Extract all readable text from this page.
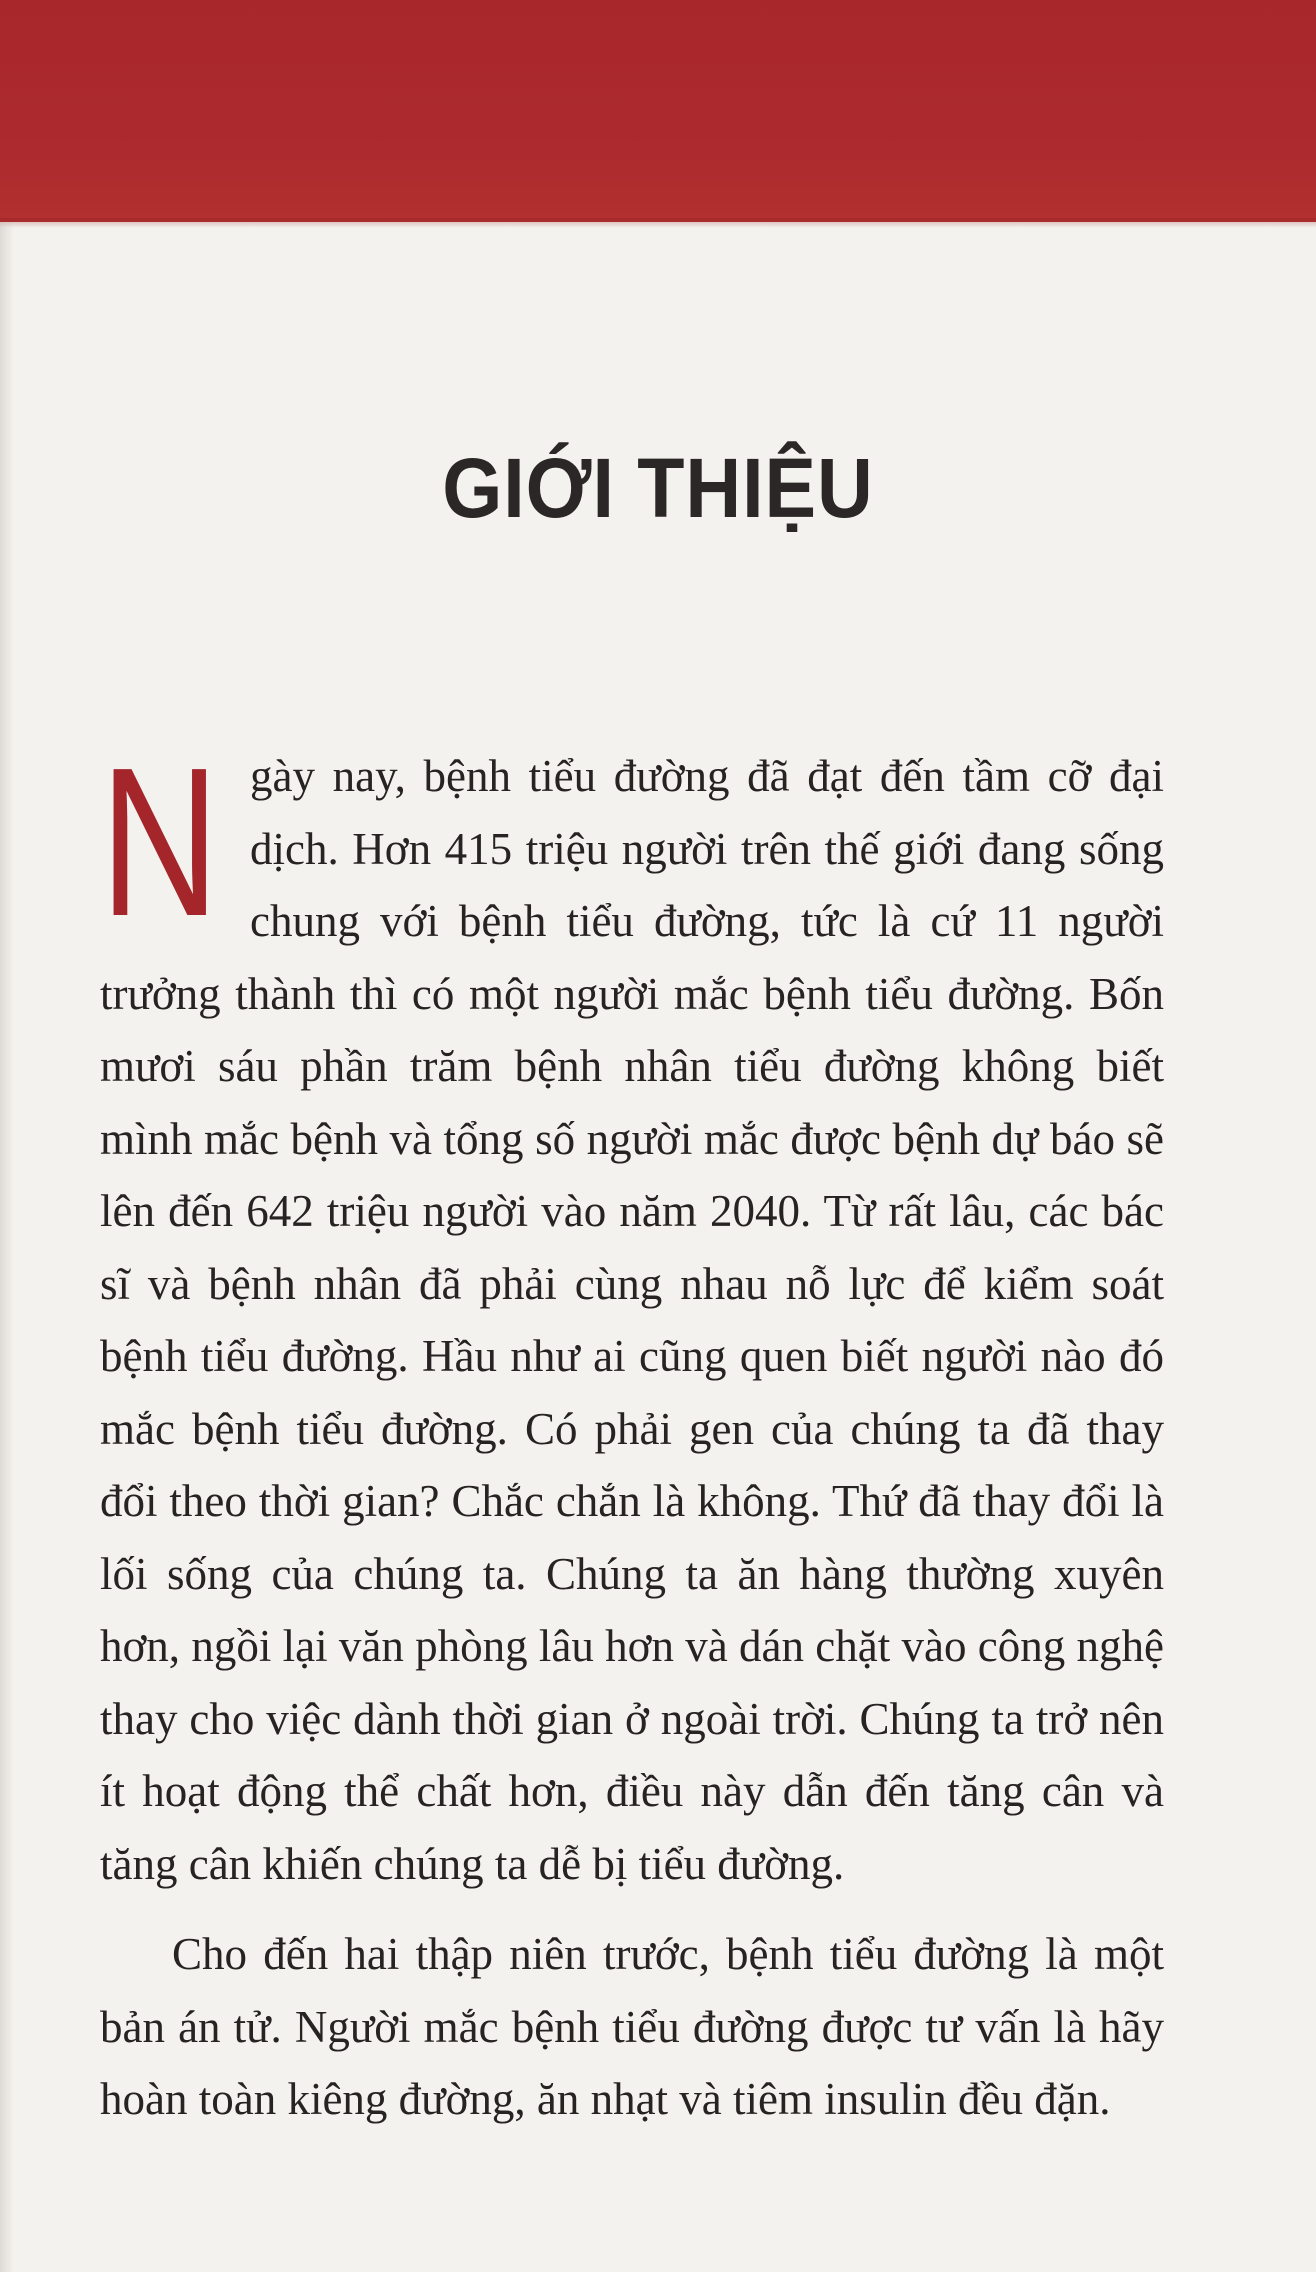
GIỚI THIỆU

Ngày nay, bệnh tiểu đường đã đạt đến tầm cỡ đại dịch. Hơn 415 triệu người trên thế giới đang sống chung với bệnh tiểu đường, tức là cứ 11 người trưởng thành thì có một người mắc bệnh tiểu đường. Bốn mươi sáu phần trăm bệnh nhân tiểu đường không biết mình mắc bệnh và tổng số người mắc được bệnh dự báo sẽ lên đến 642 triệu người vào năm 2040. Từ rất lâu, các bác sĩ và bệnh nhân đã phải cùng nhau nỗ lực để kiểm soát bệnh tiểu đường. Hầu như ai cũng quen biết người nào đó mắc bệnh tiểu đường. Có phải gen của chúng ta đã thay đổi theo thời gian? Chắc chắn là không. Thứ đã thay đổi là lối sống của chúng ta. Chúng ta ăn hàng thường xuyên hơn, ngồi lại văn phòng lâu hơn và dán chặt vào công nghệ thay cho việc dành thời gian ở ngoài trời. Chúng ta trở nên ít hoạt động thể chất hơn, điều này dẫn đến tăng cân và tăng cân khiến chúng ta dễ bị tiểu đường.

Cho đến hai thập niên trước, bệnh tiểu đường là một bản án tử. Người mắc bệnh tiểu đường được tư vấn là hãy hoàn toàn kiêng đường, ăn nhạt và tiêm insulin đều đặn.
